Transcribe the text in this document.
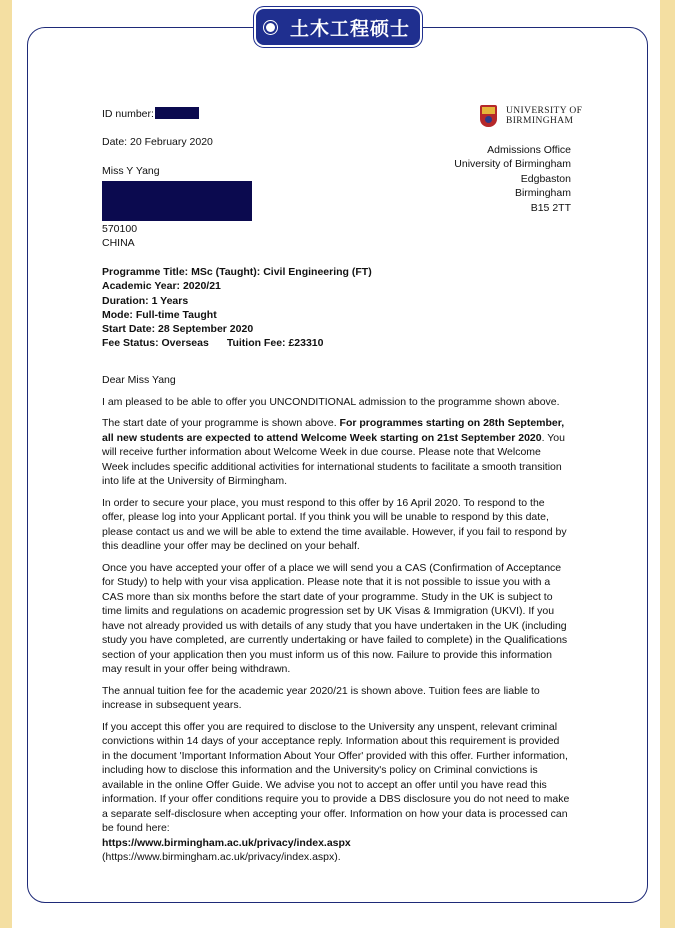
土木工程硕士
ID number:
Date: 20 February 2020
Miss Y Yang
570100
CHINA
UNIVERSITY OF
BIRMINGHAM
Admissions Office
University of Birmingham
Edgbaston
Birmingham
B15 2TT
Programme Title: MSc (Taught): Civil Engineering (FT)
Academic Year: 2020/21
Duration: 1 Years
Mode: Full-time Taught
Start Date: 28 September 2020
Fee Status: Overseas Tuition Fee: £23310

Dear Miss Yang

I am pleased to be able to offer you UNCONDITIONAL admission to the programme shown above.

The start date of your programme is shown above. For programmes starting on 28th September, all new students are expected to attend Welcome Week starting on 21st September 2020. You will receive further information about Welcome Week in due course. Please note that Welcome Week includes specific additional activities for international students to facilitate a smooth transition into life at the University of Birmingham.

In order to secure your place, you must respond to this offer by 16 April 2020. To respond to the offer, please log into your Applicant portal. If you think you will be unable to respond by this date, please contact us and we will be able to extend the time available. However, if you fail to respond by this deadline your offer may be declined on your behalf.

Once you have accepted your offer of a place we will send you a CAS (Confirmation of Acceptance for Study) to help with your visa application. Please note that it is not possible to issue you with a CAS more than six months before the start date of your programme. Study in the UK is subject to time limits and regulations on academic progression set by UK Visas & Immigration (UKVI). If you have not already provided us with details of any study that you have undertaken in the UK (including study you have completed, are currently undertaking or have failed to complete) in the Qualifications section of your application then you must inform us of this now. Failure to provide this information may result in your offer being withdrawn.

The annual tuition fee for the academic year 2020/21 is shown above. Tuition fees are liable to increase in subsequent years.

If you accept this offer you are required to disclose to the University any unspent, relevant criminal convictions within 14 days of your acceptance reply. Information about this requirement is provided in the document 'Important Information About Your Offer' provided with this offer. Further information, including how to disclose this information and the University's policy on Criminal convictions is available in the online Offer Guide. We advise you not to accept an offer until you have read this information. If your offer conditions require you to provide a DBS disclosure you do not need to make a separate self-disclosure when accepting your offer. Information on how your data is processed can be found here:
https://www.birmingham.ac.uk/privacy/index.aspx
(https://www.birmingham.ac.uk/privacy/index.aspx).
